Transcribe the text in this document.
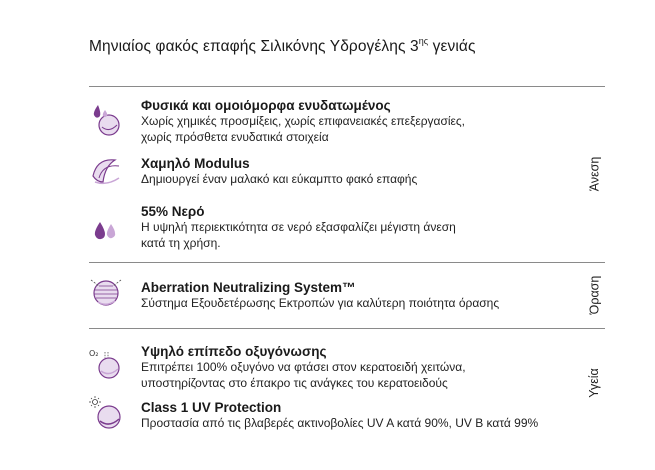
Μηνιαίος φακός επαφής Σιλικόνης Υδρογέλης $3^{\eta\varsigma}$ γενιάς
Φυσικά και ομοιόμορφα ενυδατωμένος
Χωρίς χημικές προσμίξεις, χωρίς επιφανειακές επεξεργασίες,
χωρίς πρόσθετα ενυδατικά στοιχεία
Χαμηλό Modulus
Δημιουργεί έναν μαλακό και εύκαμπτο φακό επαφής
55% Νερό
Η υψηλή περιεκτικότητα σε νερό εξασφαλίζει μέγιστη άνεση
κατά τη χρήση.
Άνεση
Aberration Neutralizing System™
Σύστημα Εξουδετέρωσης Εκτροπών για καλύτερη ποιότητα όρασης	Όραση
O₂	Υψηλό επίπεδο οξυγόνωσης
Επιτρέπει 100% οξυγόνο να φτάσει στον κερατοειδή χειτώνα,
υποστηρίζοντας στο έπακρο τις ανάγκες του κερατοειδούς
Class 1 UV Protection
Προστασία από τις βλαβερές ακτινοβολίες UV A κατά 90%, UV B κατά 99%
Υγεία
